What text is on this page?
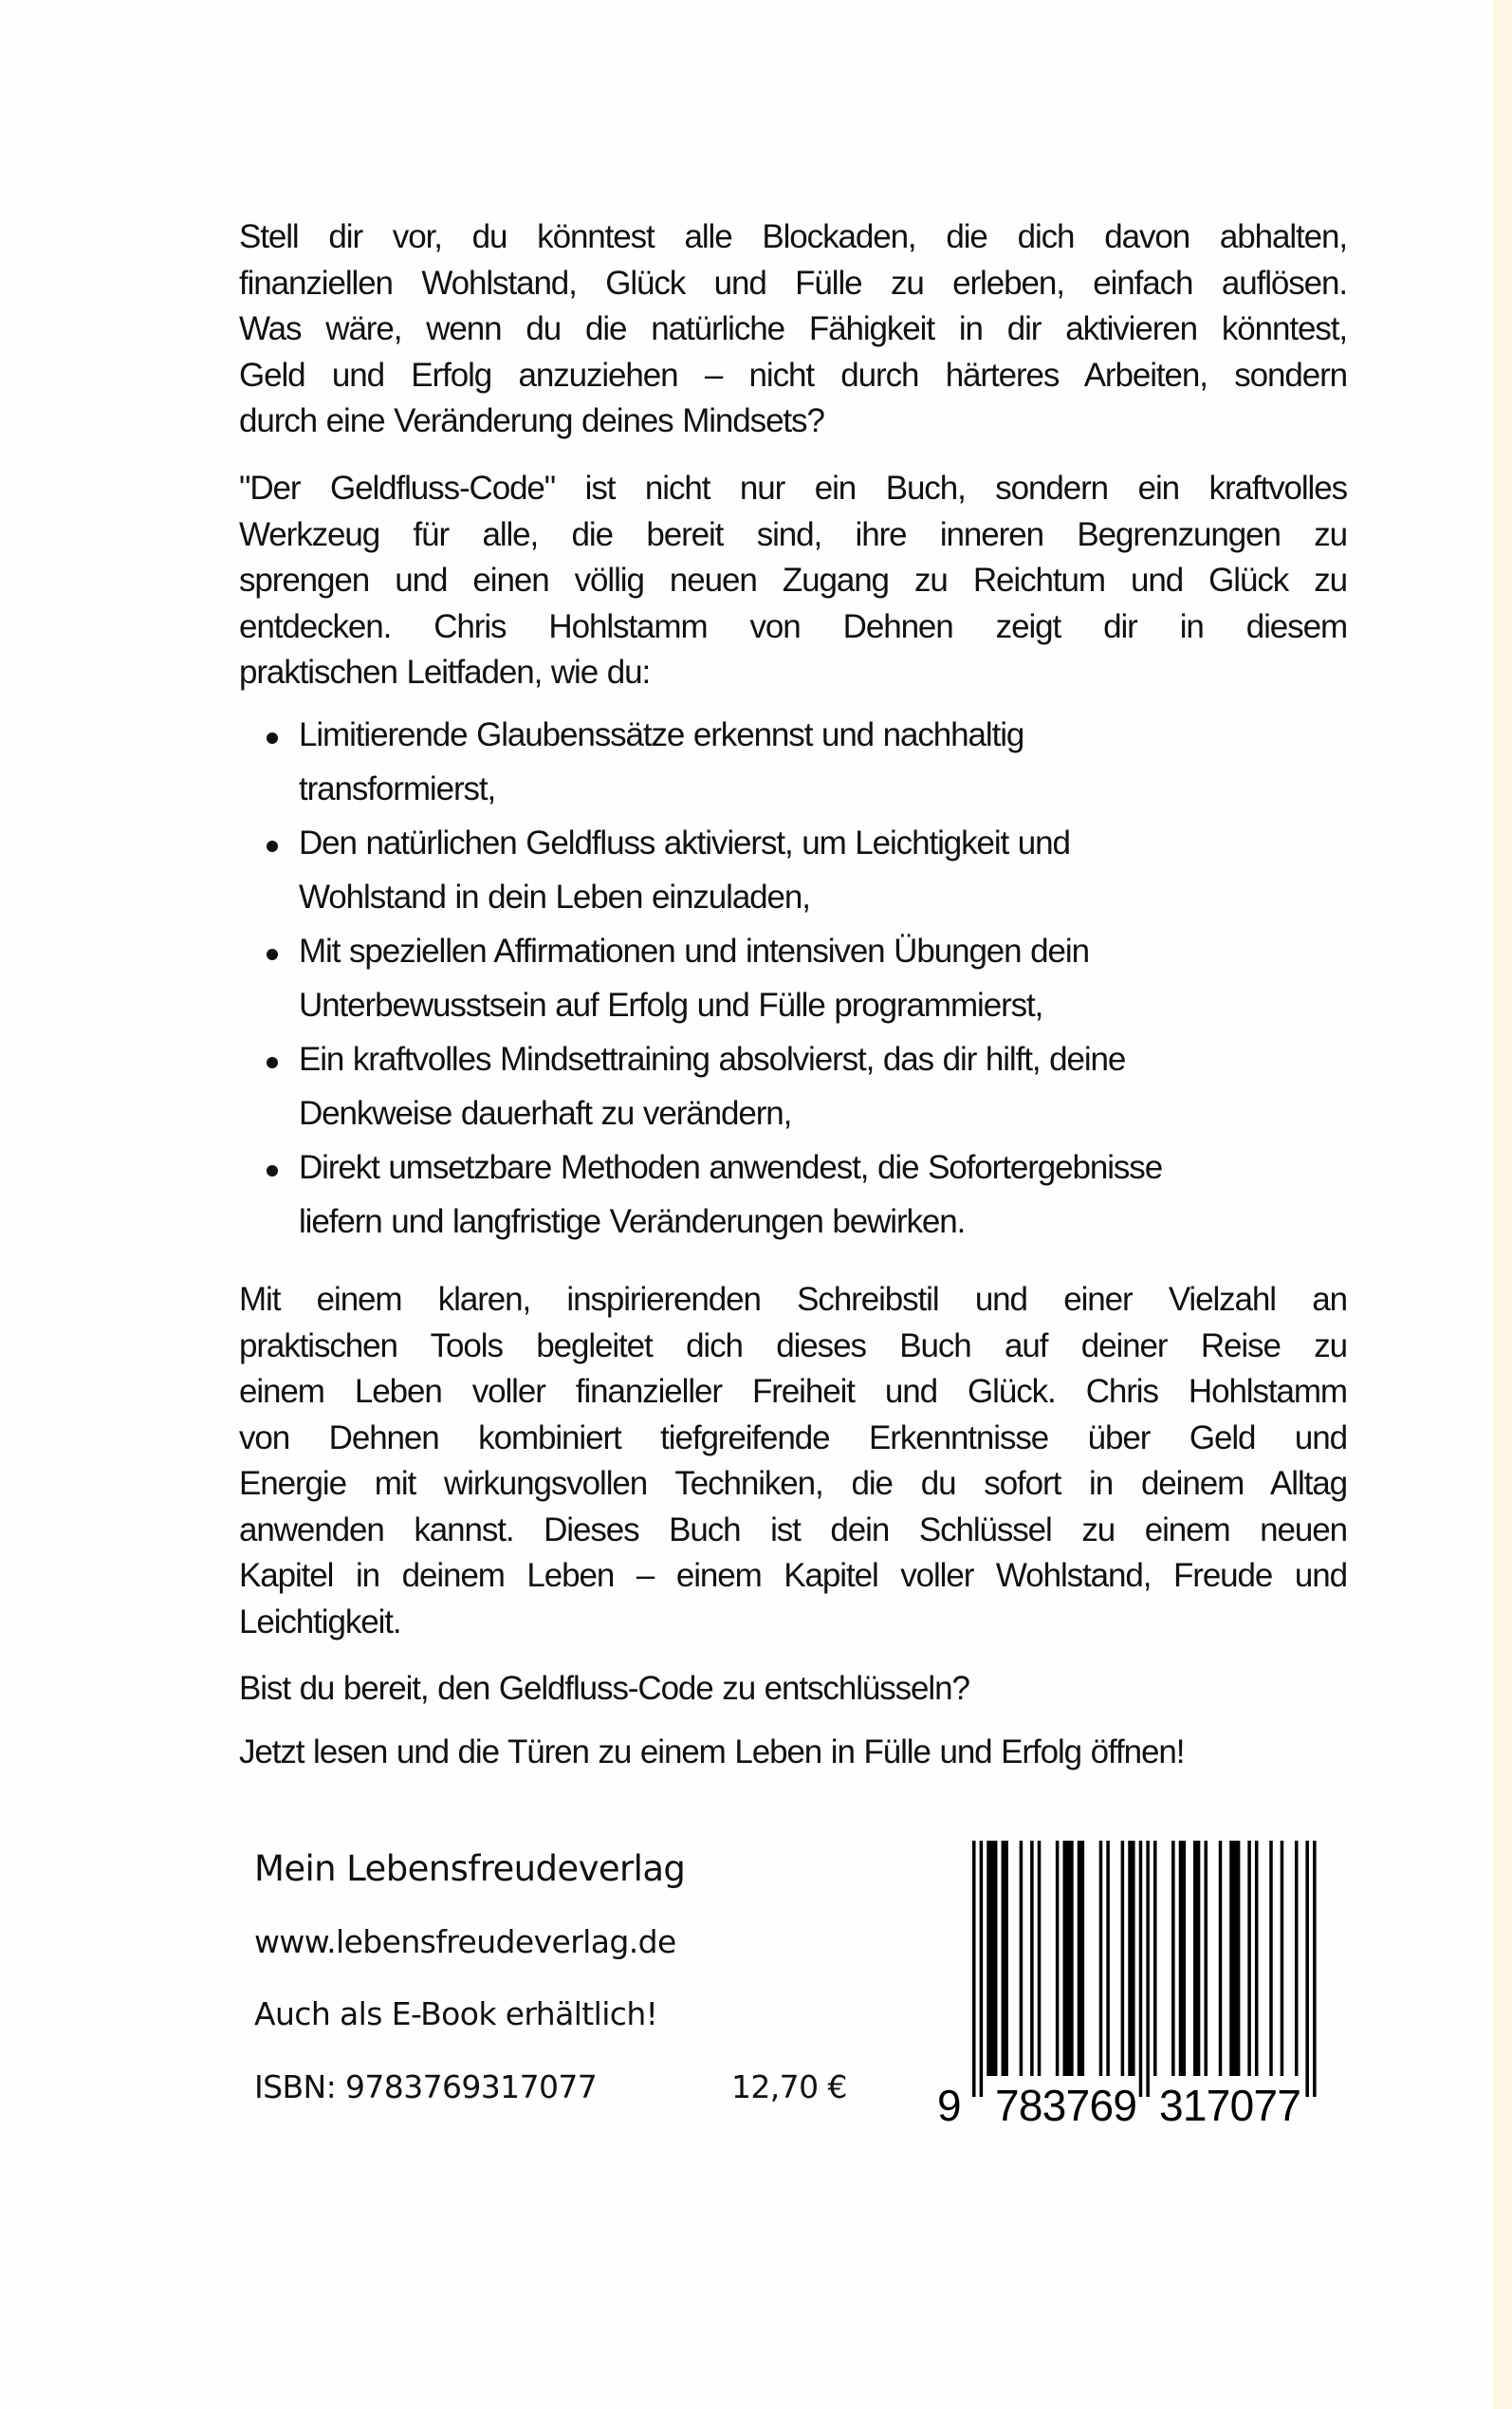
Stell dir vor, du könntest alle Blockaden, die dich davon abhalten,
finanziellen Wohlstand, Glück und Fülle zu erleben, einfach auflösen.
Was wäre, wenn du die natürliche Fähigkeit in dir aktivieren könntest,
Geld und Erfolg anzuziehen – nicht durch härteres Arbeiten, sondern
durch eine Veränderung deines Mindsets?
"Der Geldfluss-Code" ist nicht nur ein Buch, sondern ein kraftvolles
Werkzeug für alle, die bereit sind, ihre inneren Begrenzungen zu
sprengen und einen völlig neuen Zugang zu Reichtum und Glück zu
entdecken. Chris Hohlstamm von Dehnen zeigt dir in diesem
praktischen Leitfaden, wie du:
Limitierende Glaubenssätze erkennst und nachhaltig
transformierst,
Den natürlichen Geldfluss aktivierst, um Leichtigkeit und
Wohlstand in dein Leben einzuladen,
Mit speziellen Affirmationen und intensiven Übungen dein
Unterbewusstsein auf Erfolg und Fülle programmierst,
Ein kraftvolles Mindsettraining absolvierst, das dir hilft, deine
Denkweise dauerhaft zu verändern,
Direkt umsetzbare Methoden anwendest, die Sofortergebnisse
liefern und langfristige Veränderungen bewirken.
Mit einem klaren, inspirierenden Schreibstil und einer Vielzahl an
praktischen Tools begleitet dich dieses Buch auf deiner Reise zu
einem Leben voller finanzieller Freiheit und Glück. Chris Hohlstamm
von Dehnen kombiniert tiefgreifende Erkenntnisse über Geld und
Energie mit wirkungsvollen Techniken, die du sofort in deinem Alltag
anwenden kannst. Dieses Buch ist dein Schlüssel zu einem neuen
Kapitel in deinem Leben – einem Kapitel voller Wohlstand, Freude und
Leichtigkeit.
Bist du bereit, den Geldfluss-Code zu entschlüsseln?
Jetzt lesen und die Türen zu einem Leben in Fülle und Erfolg öffnen!
Mein Lebensfreudeverlag
www.lebensfreudeverlag.de
Auch als E-Book erhältlich!
ISBN: 9783769317077	12,70 € 9 783769 317077
